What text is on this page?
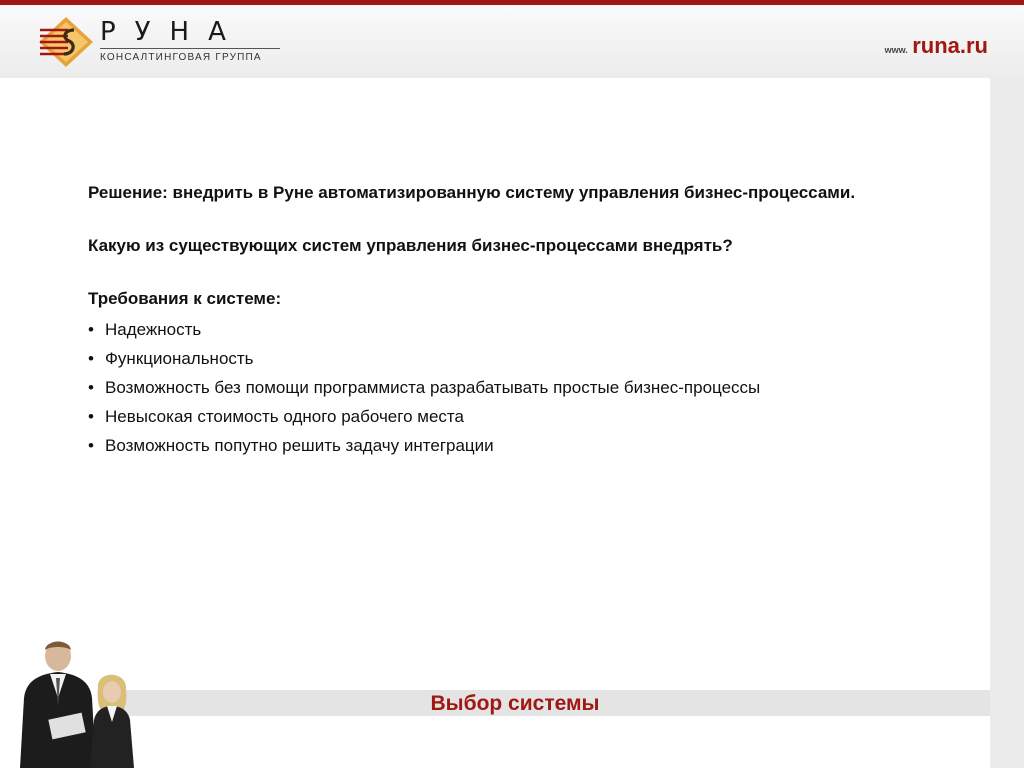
РУНА
КОНСАЛТИНГОВАЯ ГРУППА
www. runa.ru

Решение: внедрить в Руне автоматизированную систему управления бизнес-процессами.

Какую из существующих систем управления бизнес-процессами внедрять?

Требования к системе:

• Надежность
• Функциональность
• Возможность без помощи программиста разрабатывать простые бизнес-процессы
• Невысокая стоимость одного рабочего места
• Возможность попутно решить задачу интеграции
Выбор системы
